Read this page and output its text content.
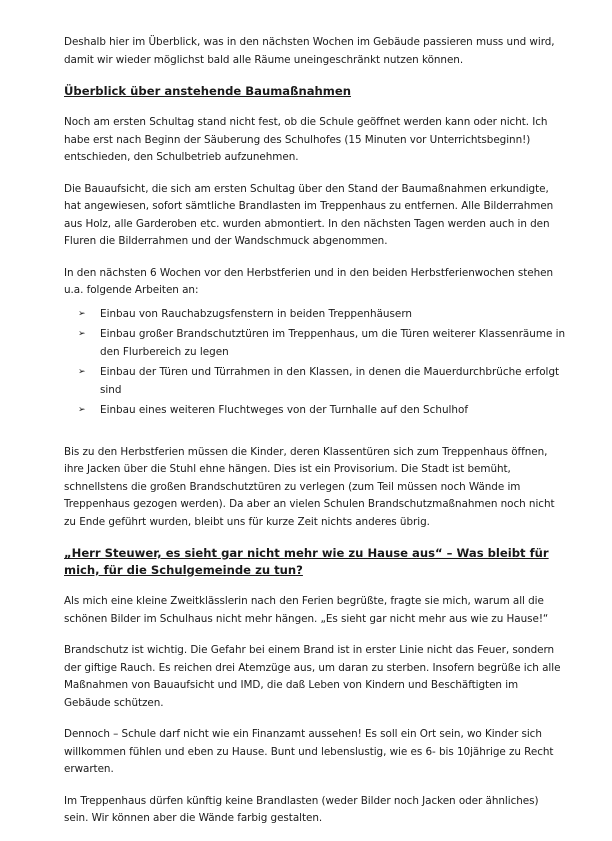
Deshalb hier im Überblick, was in den nächsten Wochen im Gebäude passieren muss und wird, damit wir wieder möglichst bald alle Räume uneingeschränkt nutzen können.

Überblick über anstehende Baumaßnahmen

Noch am ersten Schultag stand nicht fest, ob die Schule geöffnet werden kann oder nicht. Ich habe erst nach Beginn der Säuberung des Schulhofes (15 Minuten vor Unterrichtsbeginn!) entschieden, den Schulbetrieb aufzunehmen.

Die Bauaufsicht, die sich am ersten Schultag über den Stand der Baumaßnahmen erkundigte, hat angewiesen, sofort sämtliche Brandlasten im Treppenhaus zu entfernen. Alle Bilderrahmen aus Holz, alle Garderoben etc. wurden abmontiert. In den nächsten Tagen werden auch in den Fluren die Bilderrahmen und der Wandschmuck abgenommen.

In den nächsten 6 Wochen vor den Herbstferien und in den beiden Herbstferienwochen stehen u.a. folgende Arbeiten an:

➢ Einbau von Rauchabzugsfenstern in beiden Treppenhäusern
➢ Einbau großer Brandschutztüren im Treppenhaus, um die Türen weiterer Klassenräume in den Flurbereich zu legen
➢ Einbau der Türen und Türrahmen in den Klassen, in denen die Mauerdurchbrüche erfolgt sind
➢ Einbau eines weiteren Fluchtweges von der Turnhalle auf den Schulhof

Bis zu den Herbstferien müssen die Kinder, deren Klassentüren sich zum Treppenhaus öffnen, ihre Jacken über die Stuhl ehne hängen. Dies ist ein Provisorium. Die Stadt ist bemüht, schnellstens die großen Brandschutztüren zu verlegen (zum Teil müssen noch Wände im Treppenhaus gezogen werden). Da aber an vielen Schulen Brandschutzmaßnahmen noch nicht zu Ende geführt wurden, bleibt uns für kurze Zeit nichts anderes übrig.

„Herr Steuwer, es sieht gar nicht mehr wie zu Hause aus“ – Was bleibt für mich, für die Schulgemeinde zu tun?

Als mich eine kleine Zweitklässlerin nach den Ferien begrüßte, fragte sie mich, warum all die schönen Bilder im Schulhaus nicht mehr hängen. „Es sieht gar nicht mehr aus wie zu Hause!“

Brandschutz ist wichtig. Die Gefahr bei einem Brand ist in erster Linie nicht das Feuer, sondern der giftige Rauch. Es reichen drei Atemzüge aus, um daran zu sterben. Insofern begrüße ich alle Maßnahmen von Bauaufsicht und IMD, die daß Leben von Kindern und Beschäftigten im Gebäude schützen.

Dennoch – Schule darf nicht wie ein Finanzamt aussehen! Es soll ein Ort sein, wo Kinder sich willkommen fühlen und eben zu Hause. Bunt und lebenslustig, wie es 6- bis 10jährige zu Recht erwarten.

Im Treppenhaus dürfen künftig keine Brandlasten (weder Bilder noch Jacken oder ähnliches) sein. Wir können aber die Wände farbig gestalten.
